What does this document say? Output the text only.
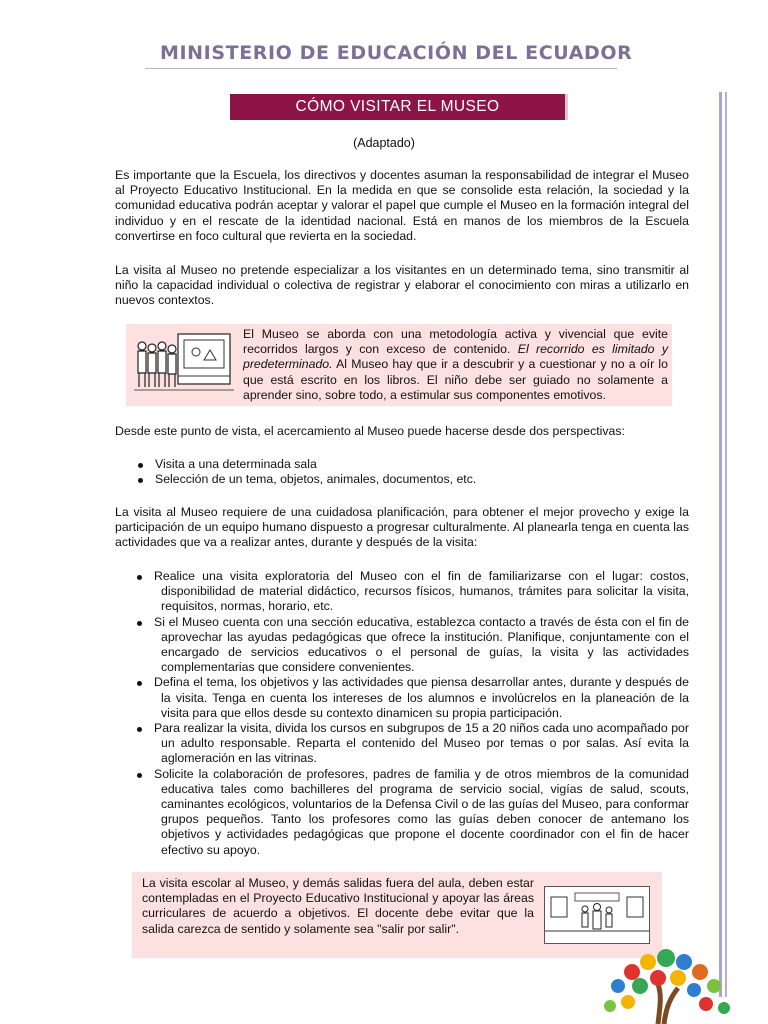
MINISTERIO DE EDUCACIÓN DEL ECUADOR
CÓMO VISITAR EL MUSEO
(Adaptado)

Es importante que la Escuela, los directivos y docentes asuman la responsabilidad de integrar el Museo al Proyecto Educativo Institucional. En la medida en que se consolide esta relación, la sociedad y la comunidad educativa podrán aceptar y valorar el papel que cumple el Museo en la formación integral del individuo y en el rescate de la identidad nacional. Está en manos de los miembros de la Escuela convertirse en foco cultural que revierta en la sociedad.

La visita al Museo no pretende especializar a los visitantes en un determinado tema, sino transmitir al niño la capacidad individual o colectiva de registrar y elaborar el conocimiento con miras a utilizarlo en nuevos contextos.

El Museo se aborda con una metodología activa y vivencial que evite recorridos largos y con exceso de contenido. El recorrido es limitado y predeterminado. Al Museo hay que ir a descubrir y a cuestionar y no a oír lo que está escrito en los libros. El niño debe ser guiado no solamente a aprender sino, sobre todo, a estimular sus componentes emotivos.

Desde este punto de vista, el acercamiento al Museo puede hacerse desde dos perspectivas:

Visita a una determinada sala
Selección de un tema, objetos, animales, documentos, etc.

La visita al Museo requiere de una cuidadosa planificación, para obtener el mejor provecho y exige la participación de un equipo humano dispuesto a progresar culturalmente. Al planearla tenga en cuenta las actividades que va a realizar antes, durante y después de la visita:

Realice una visita exploratoria del Museo con el fin de familiarizarse con el lugar: costos, disponibilidad de material didáctico, recursos físicos, humanos, trámites para solicitar la visita, requisitos, normas, horario, etc.
Si el Museo cuenta con una sección educativa, establezca contacto a través de ésta con el fin de aprovechar las ayudas pedagógicas que ofrece la institución. Planifique, conjuntamente con el encargado de servicios educativos o el personal de guías, la visita y las actividades complementarias que considere convenientes.
Defina el tema, los objetivos y las actividades que piensa desarrollar antes, durante y después de la visita. Tenga en cuenta los intereses de los alumnos e involúcrelos en la planeación de la visita para que ellos desde su contexto dinamicen su propia participación.
Para realizar la visita, divida los cursos en subgrupos de 15 a 20 niños cada uno acompañado por un adulto responsable. Reparta el contenido del Museo por temas o por salas. Así evita la aglomeración en las vitrinas.
Solicite la colaboración de profesores, padres de familia y de otros miembros de la comunidad educativa tales como bachilleres del programa de servicio social, vigías de salud, scouts, caminantes ecológicos, voluntarios de la Defensa Civil o de las guías del Museo, para conformar grupos pequeños. Tanto los profesores como las guías deben conocer de antemano los objetivos y actividades pedagógicas que propone el docente coordinador con el fin de hacer efectivo su apoyo.

La visita escolar al Museo, y demás salidas fuera del aula, deben estar contempladas en el Proyecto Educativo Institucional y apoyar las áreas curriculares de acuerdo a objetivos. El docente debe evitar que la salida carezca de sentido y solamente sea "salir por salir".
